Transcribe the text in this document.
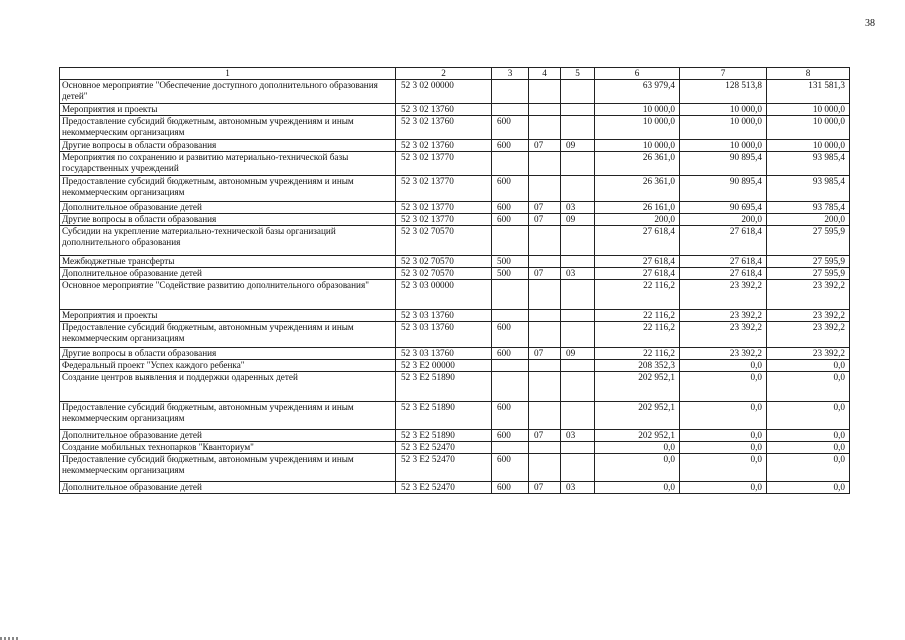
38
1	2	3	4	5	6	7	8
Основное мероприятие "Обеспечение доступного дополнительного образования детей"	52 3 02 00000				63 979,4	128 513,8	131 581,3
Мероприятия и проекты	52 3 02 13760				10 000,0	10 000,0	10 000,0
Предоставление субсидий бюджетным, автономным учреждениям и иным некоммерческим организациям	52 3 02 13760	600			10 000,0	10 000,0	10 000,0
Другие вопросы в области образования	52 3 02 13760	600	07	09	10 000,0	10 000,0	10 000,0
Мероприятия по сохранению и развитию материально-технической базы государственных учреждений	52 3 02 13770				26 361,0	90 895,4	93 985,4
Предоставление субсидий бюджетным, автономным учреждениям и иным некоммерческим организациям	52 3 02 13770	600			26 361,0	90 895,4	93 985,4
Дополнительное образование детей	52 3 02 13770	600	07	03	26 161,0	90 695,4	93 785,4
Другие вопросы в области образования	52 3 02 13770	600	07	09	200,0	200,0	200,0
Субсидии на укрепление материально-технической базы организаций дополнительного образования	52 3 02 70570				27 618,4	27 618,4	27 595,9
Межбюджетные трансферты	52 3 02 70570	500			27 618,4	27 618,4	27 595,9
Дополнительное образование детей	52 3 02 70570	500	07	03	27 618,4	27 618,4	27 595,9
Основное мероприятие "Содействие развитию дополнительного образования"	52 3 03 00000				22 116,2	23 392,2	23 392,2
Мероприятия и проекты	52 3 03 13760				22 116,2	23 392,2	23 392,2
Предоставление субсидий бюджетным, автономным учреждениям и иным некоммерческим организациям	52 3 03 13760	600			22 116,2	23 392,2	23 392,2
Другие вопросы в области образования	52 3 03 13760	600	07	09	22 116,2	23 392,2	23 392,2
Федеральный проект "Успех каждого ребенка"	52 3 E2 00000				208 352,3	0,0	0,0
Создание центров выявления и поддержки одаренных детей	52 3 E2 51890				202 952,1	0,0	0,0
Предоставление субсидий бюджетным, автономным учреждениям и иным некоммерческим организациям	52 3 E2 51890	600			202 952,1	0,0	0,0
Дополнительное образование детей	52 3 E2 51890	600	07	03	202 952,1	0,0	0,0
Создание мобильных технопарков "Кванториум"	52 3 E2 52470				0,0	0,0	0,0
Предоставление субсидий бюджетным, автономным учреждениям и иным некоммерческим организациям	52 3 E2 52470	600			0,0	0,0	0,0
Дополнительное образование детей	52 3 E2 52470	600	07	03	0,0	0,0	0,0
